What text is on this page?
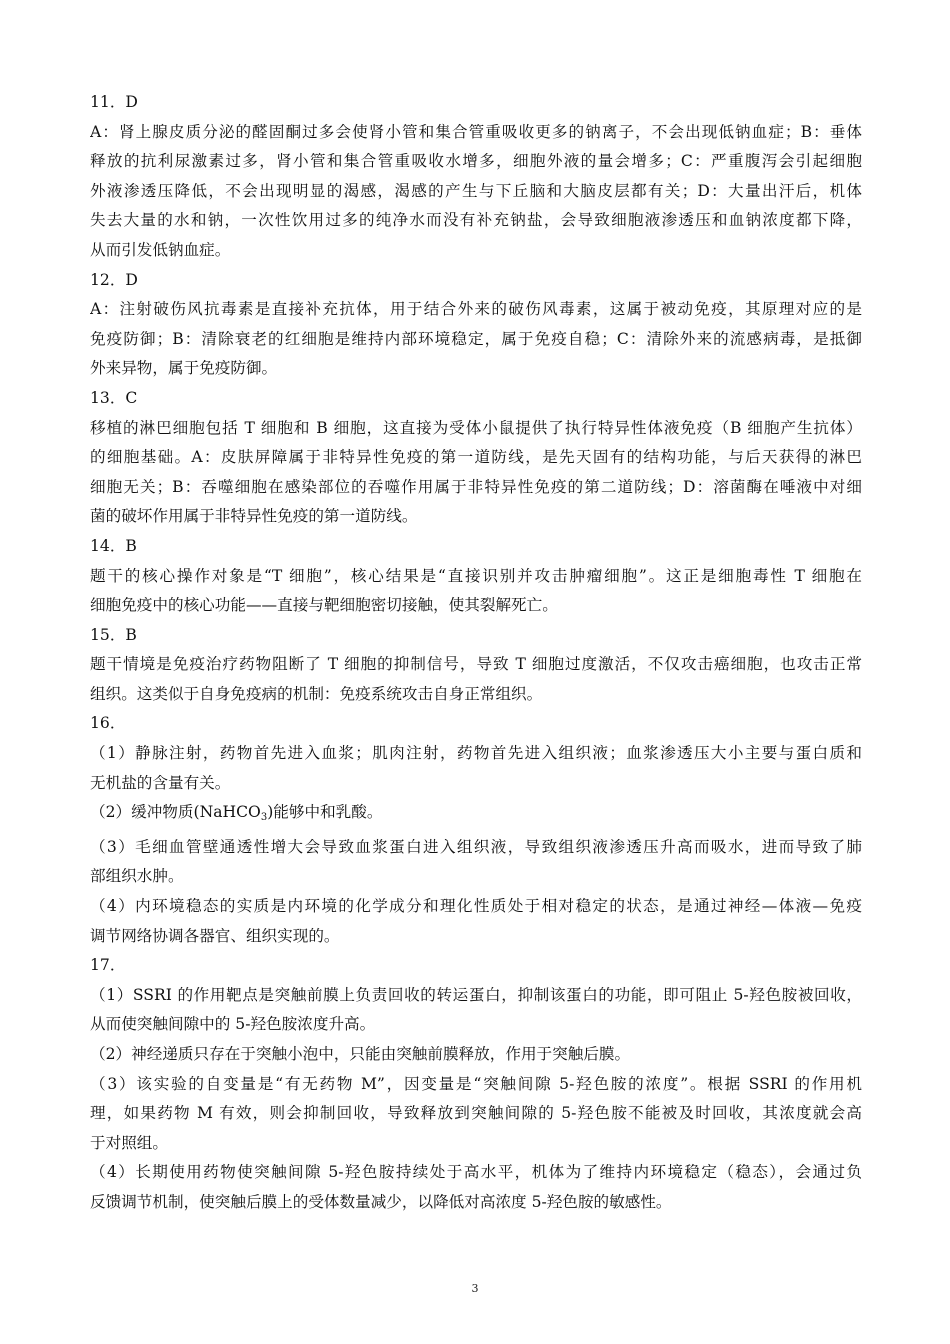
11．D
A：肾上腺皮质分泌的醛固酮过多会使肾小管和集合管重吸收更多的钠离子，不会出现低钠血症；B：垂体
释放的抗利尿激素过多，肾小管和集合管重吸收水增多，细胞外液的量会增多；C：严重腹泻会引起细胞
外液渗透压降低，不会出现明显的渴感，渴感的产生与下丘脑和大脑皮层都有关；D：大量出汗后，机体
失去大量的水和钠，一次性饮用过多的纯净水而没有补充钠盐，会导致细胞液渗透压和血钠浓度都下降，
从而引发低钠血症。
12．D
A：注射破伤风抗毒素是直接补充抗体，用于结合外来的破伤风毒素，这属于被动免疫，其原理对应的是
免疫防御；B：清除衰老的红细胞是维持内部环境稳定，属于免疫自稳；C：清除外来的流感病毒，是抵御
外来异物，属于免疫防御。
13．C
移植的淋巴细胞包括 T 细胞和 B 细胞，这直接为受体小鼠提供了执行特异性体液免疫（B 细胞产生抗体）
的细胞基础。A：皮肤屏障属于非特异性免疫的第一道防线，是先天固有的结构功能，与后天获得的淋巴
细胞无关；B：吞噬细胞在感染部位的吞噬作用属于非特异性免疫的第二道防线；D：溶菌酶在唾液中对细
菌的破坏作用属于非特异性免疫的第一道防线。
14．B
题干的核心操作对象是“T 细胞”，核心结果是“直接识别并攻击肿瘤细胞”。这正是细胞毒性 T 细胞在
细胞免疫中的核心功能——直接与靶细胞密切接触，使其裂解死亡。
15．B
题干情境是免疫治疗药物阻断了 T 细胞的抑制信号，导致 T 细胞过度激活，不仅攻击癌细胞，也攻击正常
组织。这类似于自身免疫病的机制：免疫系统攻击自身正常组织。
16．
（1）静脉注射，药物首先进入血浆；肌肉注射，药物首先进入组织液；血浆渗透压大小主要与蛋白质和
无机盐的含量有关。
（2）缓冲物质(NaHCO$_3$)能够中和乳酸。
（3）毛细血管壁通透性增大会导致血浆蛋白进入组织液，导致组织液渗透压升高而吸水，进而导致了肺
部组织水肿。
（4）内环境稳态的实质是内环境的化学成分和理化性质处于相对稳定的状态，是通过神经—体液—免疫
调节网络协调各器官、组织实现的。
17．
（1）SSRI 的作用靶点是突触前膜上负责回收的转运蛋白，抑制该蛋白的功能，即可阻止 5-羟色胺被回收，
从而使突触间隙中的 5-羟色胺浓度升高。
（2）神经递质只存在于突触小泡中，只能由突触前膜释放，作用于突触后膜。
（3）该实验的自变量是“有无药物 M”，因变量是“突触间隙 5-羟色胺的浓度”。根据 SSRI 的作用机
理，如果药物 M 有效，则会抑制回收，导致释放到突触间隙的 5-羟色胺不能被及时回收，其浓度就会高
于对照组。
（4）长期使用药物使突触间隙 5-羟色胺持续处于高水平，机体为了维持内环境稳定（稳态），会通过负
反馈调节机制，使突触后膜上的受体数量减少，以降低对高浓度 5-羟色胺的敏感性。
3
